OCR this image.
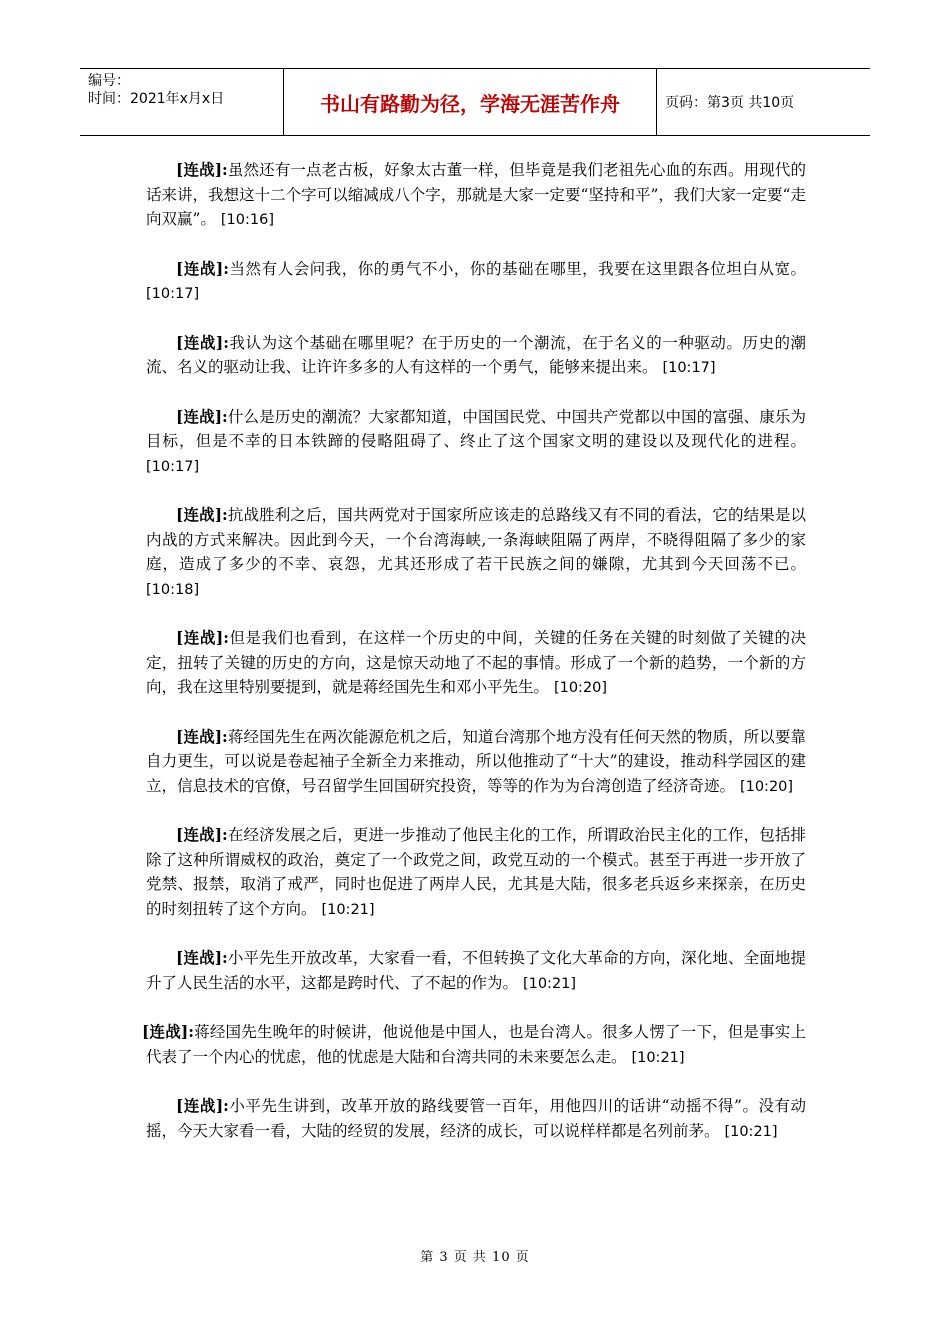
编号：
时间：2021年x月x日	书山有路勤为径，学海无涯苦作舟	页码：第3页 共10页

[连战]:虽然还有一点老古板，好象太古董一样，但毕竟是我们老祖先心血的东西。用现代的话来讲，我想这十二个字可以缩减成八个字，那就是大家一定要“坚持和平”，我们大家一定要“走向双赢”。 [10:16]

[连战]:当然有人会问我，你的勇气不小，你的基础在哪里，我要在这里跟各位坦白从宽。 [10:17]

[连战]:我认为这个基础在哪里呢？在于历史的一个潮流，在于名义的一种驱动。历史的潮流、名义的驱动让我、让许许多多的人有这样的一个勇气，能够来提出来。 [10:17]

[连战]:什么是历史的潮流？大家都知道，中国国民党、中国共产党都以中国的富强、康乐为目标，但是不幸的日本铁蹄的侵略阻碍了、终止了这个国家文明的建设以及现代化的进程。 [10:17]

[连战]:抗战胜利之后，国共两党对于国家所应该走的总路线又有不同的看法，它的结果是以内战的方式来解决。因此到今天，一个台湾海峡,一条海峡阻隔了两岸，不晓得阻隔了多少的家庭，造成了多少的不幸、哀怨，尤其还形成了若干民族之间的嫌隙，尤其到今天回荡不已。 [10:18]

[连战]:但是我们也看到，在这样一个历史的中间，关键的任务在关键的时刻做了关键的决定，扭转了关键的历史的方向，这是惊天动地了不起的事情。形成了一个新的趋势，一个新的方向，我在这里特别要提到，就是蒋经国先生和邓小平先生。 [10:20]

[连战]:蒋经国先生在两次能源危机之后，知道台湾那个地方没有任何天然的物质，所以要靠自力更生，可以说是卷起袖子全新全力来推动，所以他推动了“十大”的建设，推动科学园区的建立，信息技术的官僚，号召留学生回国研究投资，等等的作为为台湾创造了经济奇迹。 [10:20]

[连战]:在经济发展之后，更进一步推动了他民主化的工作，所谓政治民主化的工作，包括排除了这种所谓威权的政治，奠定了一个政党之间，政党互动的一个模式。甚至于再进一步开放了党禁、报禁，取消了戒严，同时也促进了两岸人民，尤其是大陆，很多老兵返乡来探亲，在历史的时刻扭转了这个方向。 [10:21]

[连战]:小平先生开放改革，大家看一看，不但转换了文化大革命的方向，深化地、全面地提升了人民生活的水平，这都是跨时代、了不起的作为。 [10:21]

[连战]:蒋经国先生晚年的时候讲，他说他是中国人，也是台湾人。很多人愣了一下，但是事实上代表了一个内心的忧虑，他的忧虑是大陆和台湾共同的未来要怎么走。 [10:21]

[连战]:小平先生讲到，改革开放的路线要管一百年，用他四川的话讲“动摇不得”。没有动摇，今天大家看一看，大陆的经贸的发展，经济的成长，可以说样样都是名列前茅。 [10:21]

第 3 页 共 10 页
